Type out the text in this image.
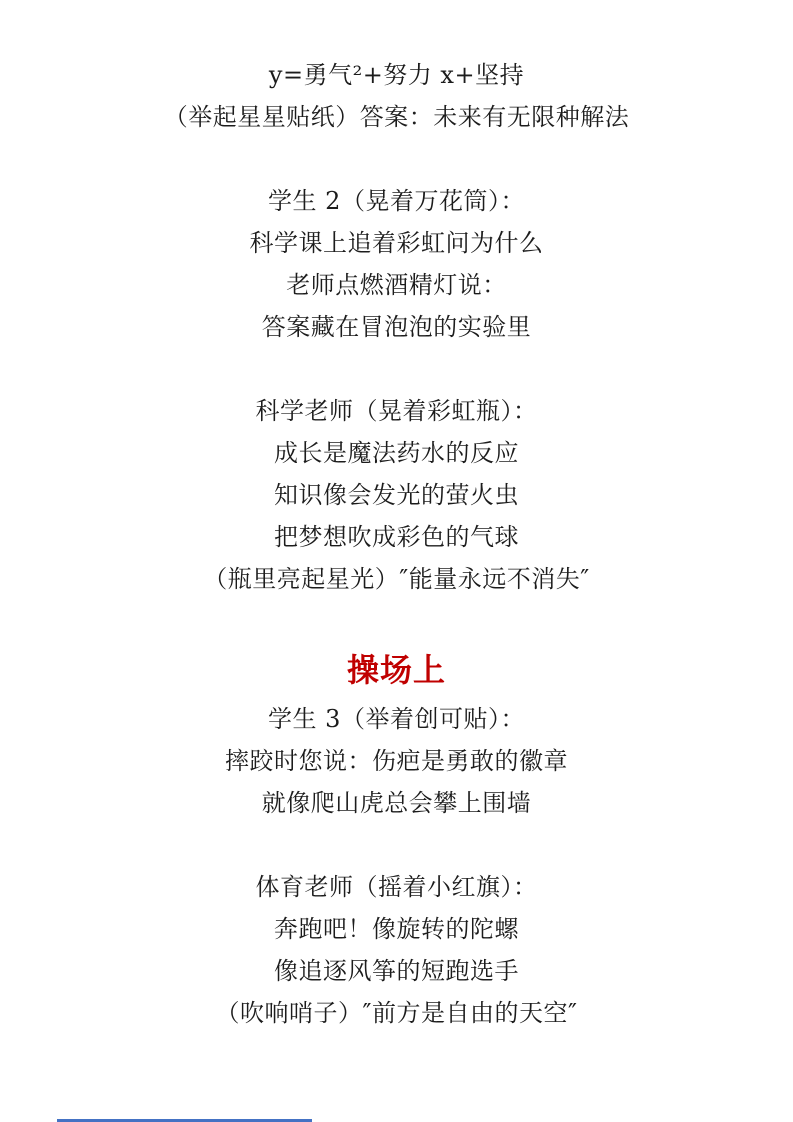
y=勇气²+努力 x+坚持
（举起星星贴纸）答案：未来有无限种解法
学生 2（晃着万花筒）：
科学课上追着彩虹问为什么
老师点燃酒精灯说：
答案藏在冒泡泡的实验里
科学老师（晃着彩虹瓶）：
成长是魔法药水的反应
知识像会发光的萤火虫
把梦想吹成彩色的气球
（瓶里亮起星光）″能量永远不消失″
操场上
学生 3（举着创可贴）：
摔跤时您说：伤疤是勇敢的徽章
就像爬山虎总会攀上围墙
体育老师（摇着小红旗）：
奔跑吧！像旋转的陀螺
像追逐风筝的短跑选手
（吹响哨子）″前方是自由的天空″
